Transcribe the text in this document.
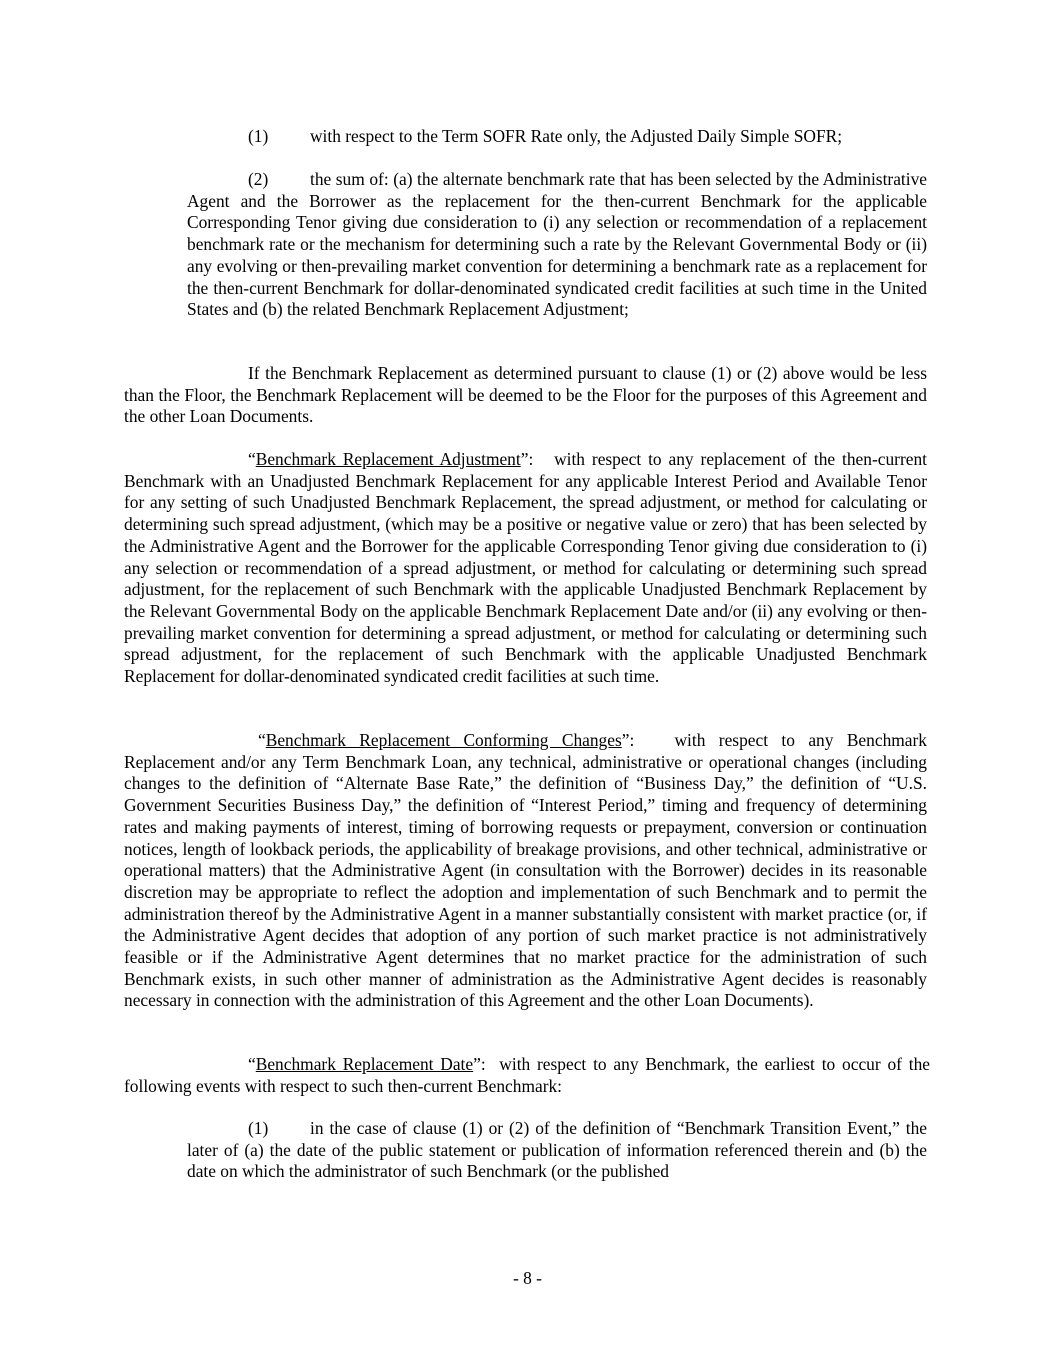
(1) with respect to the Term SOFR Rate only, the Adjusted Daily Simple SOFR;

(2) the sum of: (a) the alternate benchmark rate that has been selected by the Administrative Agent and the Borrower as the replacement for the then-current Benchmark for the applicable Corresponding Tenor giving due consideration to (i) any selection or recommendation of a replacement benchmark rate or the mechanism for determining such a rate by the Relevant Governmental Body or (ii) any evolving or then-prevailing market convention for determining a benchmark rate as a replacement for the then-current Benchmark for dollar-denominated syndicated credit facilities at such time in the United States and (b) the related Benchmark Replacement Adjustment;

If the Benchmark Replacement as determined pursuant to clause (1) or (2) above would be less than the Floor, the Benchmark Replacement will be deemed to be the Floor for the purposes of this Agreement and the other Loan Documents.

“Benchmark Replacement Adjustment”: with respect to any replacement of the then-current Benchmark with an Unadjusted Benchmark Replacement for any applicable Interest Period and Available Tenor for any setting of such Unadjusted Benchmark Replacement, the spread adjustment, or method for calculating or determining such spread adjustment, (which may be a positive or negative value or zero) that has been selected by the Administrative Agent and the Borrower for the applicable Corresponding Tenor giving due consideration to (i) any selection or recommendation of a spread adjustment, or method for calculating or determining such spread adjustment, for the replacement of such Benchmark with the applicable Unadjusted Benchmark Replacement by the Relevant Governmental Body on the applicable Benchmark Replacement Date and/or (ii) any evolving or then-prevailing market convention for determining a spread adjustment, or method for calculating or determining such spread adjustment, for the replacement of such Benchmark with the applicable Unadjusted Benchmark Replacement for dollar-denominated syndicated credit facilities at such time.

“Benchmark Replacement Conforming Changes”: with respect to any Benchmark Replacement and/or any Term Benchmark Loan, any technical, administrative or operational changes (including changes to the definition of “Alternate Base Rate,” the definition of “Business Day,” the definition of “U.S. Government Securities Business Day,” the definition of “Interest Period,” timing and frequency of determining rates and making payments of interest, timing of borrowing requests or prepayment, conversion or continuation notices, length of lookback periods, the applicability of breakage provisions, and other technical, administrative or operational matters) that the Administrative Agent (in consultation with the Borrower) decides in its reasonable discretion may be appropriate to reflect the adoption and implementation of such Benchmark and to permit the administration thereof by the Administrative Agent in a manner substantially consistent with market practice (or, if the Administrative Agent decides that adoption of any portion of such market practice is not administratively feasible or if the Administrative Agent determines that no market practice for the administration of such Benchmark exists, in such other manner of administration as the Administrative Agent decides is reasonably necessary in connection with the administration of this Agreement and the other Loan Documents).

“Benchmark Replacement Date”: with respect to any Benchmark, the earliest to occur of the following events with respect to such then-current Benchmark:

(1) in the case of clause (1) or (2) of the definition of “Benchmark Transition Event,” the later of (a) the date of the public statement or publication of information referenced therein and (b) the date on which the administrator of such Benchmark (or the published

- 8 -
